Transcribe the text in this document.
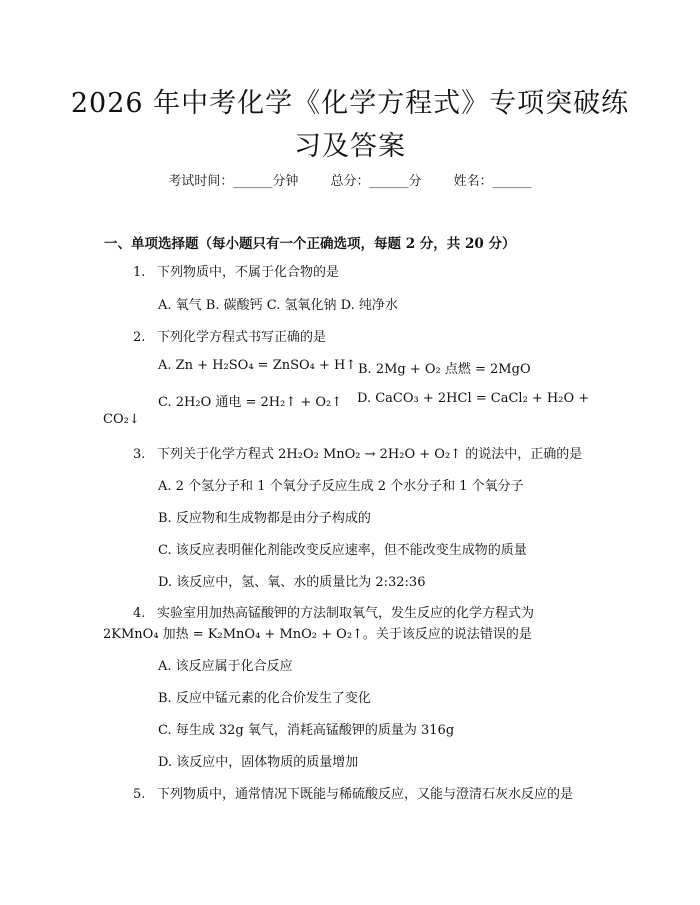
2026 年中考化学《化学方程式》专项突破练
习及答案
考试时间：______分钟 总分：______分 姓名：______
一、单项选择题（每小题只有一个正确选项，每题 2 分，共 20 分）
1. 下列物质中，不属于化合物的是
A. 氧气 B. 碳酸钙 C. 氢氧化钠 D. 纯净水
2. 下列化学方程式书写正确的是
A. Zn + H₂SO₄ = ZnSO₄ + H↑ B. 2Mg + O₂ 点燃 = 2MgO
C. 2H₂O 通电 = 2H₂↑ + O₂↑ D. CaCO₃ + 2HCl = CaCl₂ + H₂O +
CO₂↓
3. 下列关于化学方程式 2H₂O₂ MnO₂ → 2H₂O + O₂↑ 的说法中，正确的是
A. 2 个氢分子和 1 个氧分子反应生成 2 个水分子和 1 个氧分子
B. 反应物和生成物都是由分子构成的
C. 该反应表明催化剂能改变反应速率，但不能改变生成物的质量
D. 该反应中，氢、氧、水的质量比为 2:32:36
4. 实验室用加热高锰酸钾的方法制取氧气，发生反应的化学方程式为
2KMnO₄ 加热 = K₂MnO₄ + MnO₂ + O₂↑。关于该反应的说法错误的是
A. 该反应属于化合反应
B. 反应中锰元素的化合价发生了变化
C. 每生成 32g 氧气，消耗高锰酸钾的质量为 316g
D. 该反应中，固体物质的质量增加
5. 下列物质中，通常情况下既能与稀硫酸反应，又能与澄清石灰水反应的是
